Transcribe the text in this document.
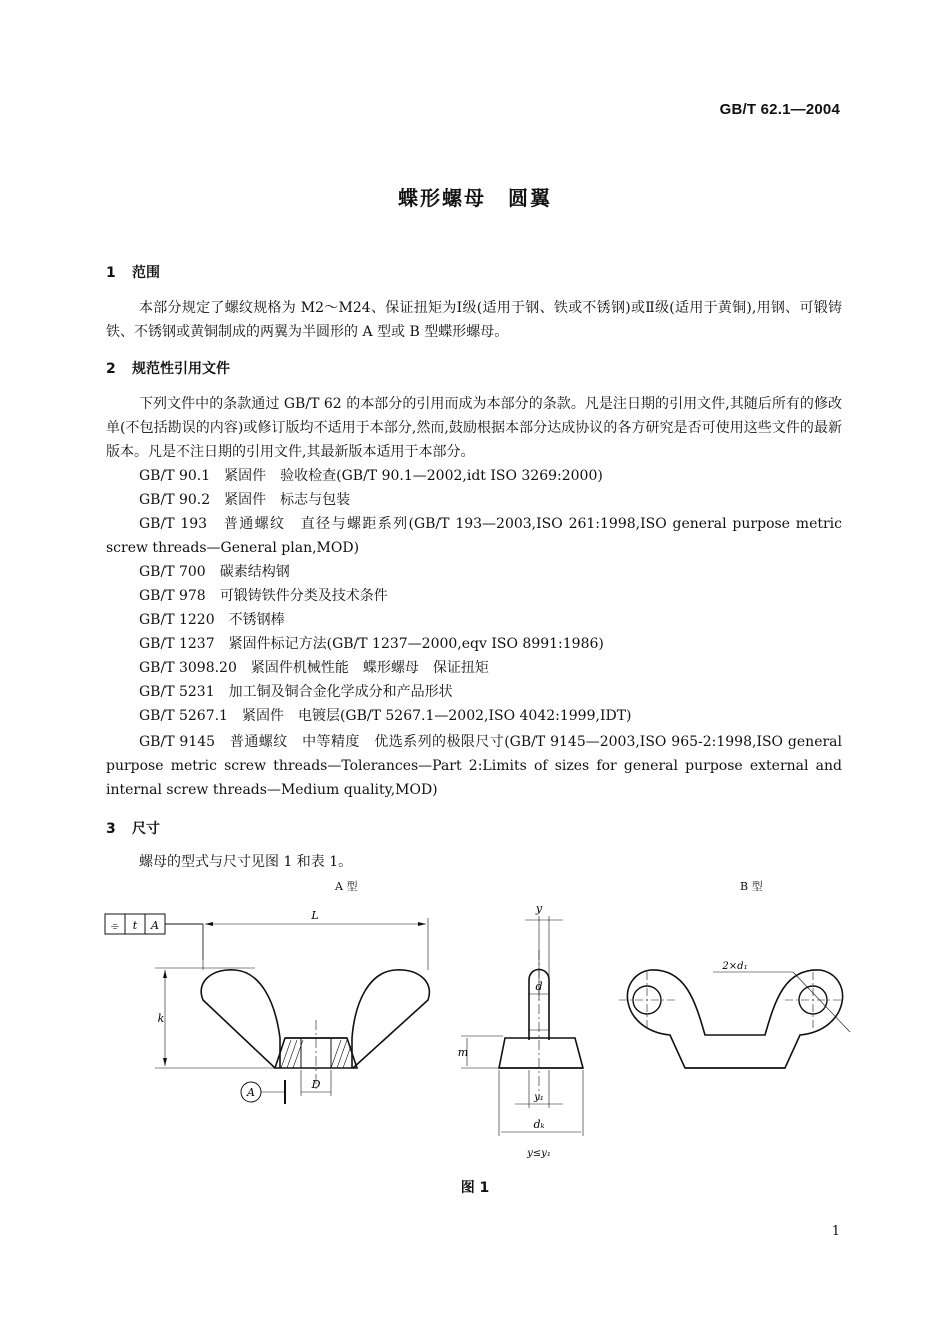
GB/T 62.1—2004
蝶形螺母　圆翼
1 范围

本部分规定了螺纹规格为 M2～M24、保证扭矩为Ⅰ级(适用于钢、铁或不锈钢)或Ⅱ级(适用于黄铜),用钢、可锻铸铁、不锈钢或黄铜制成的两翼为半圆形的 A 型或 B 型蝶形螺母。

2 规范性引用文件

下列文件中的条款通过 GB/T 62 的本部分的引用而成为本部分的条款。凡是注日期的引用文件,其随后所有的修改单(不包括勘误的内容)或修订版均不适用于本部分,然而,鼓励根据本部分达成协议的各方研究是否可使用这些文件的最新版本。凡是不注日期的引用文件,其最新版本适用于本部分。

GB/T 90.1　紧固件　验收检查(GB/T 90.1—2002,idt ISO 3269:2000)

GB/T 90.2　紧固件　标志与包装

GB/T 193　普通螺纹　直径与螺距系列(GB/T 193—2003,ISO 261:1998,ISO general purpose metric screw threads—General plan,MOD)

GB/T 700　碳素结构钢

GB/T 978　可锻铸铁件分类及技术条件

GB/T 1220　不锈钢棒

GB/T 1237　紧固件标记方法(GB/T 1237—2000,eqv ISO 8991:1986)

GB/T 3098.20　紧固件机械性能　蝶形螺母　保证扭矩

GB/T 5231　加工铜及铜合金化学成分和产品形状

GB/T 5267.1　紧固件　电镀层(GB/T 5267.1—2002,ISO 4042:1999,IDT)

GB/T 9145　普通螺纹　中等精度　优选系列的极限尺寸(GB/T 9145—2003,ISO 965-2:1998,ISO general purpose metric screw threads—Tolerances—Part 2:Limits of sizes for general purpose external and internal screw threads—Medium quality,MOD)

3 尺寸

螺母的型式与尺寸见图 1 和表 1。

A 型	B 型
⌯ t A
L
k
D
A
y
d
m
y₁
dₖ
y≤y₁
2×d₁
图 1
1
